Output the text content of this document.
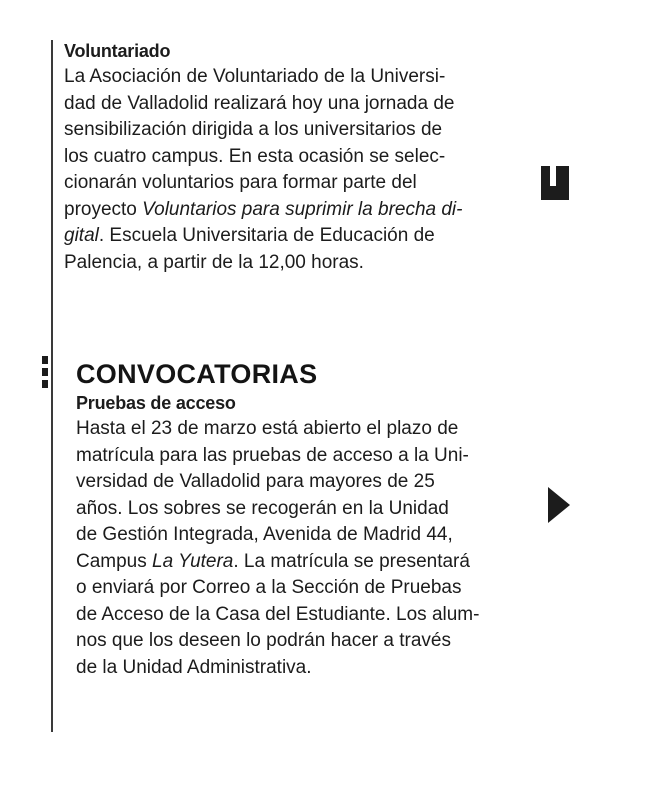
Voluntariado

La Asociación de Voluntariado de la Universi-
dad de Valladolid realizará hoy una jornada de
sensibilización dirigida a los universitarios de
los cuatro campus. En esta ocasión se selec-
cionarán voluntarios para formar parte del
proyecto Voluntarios para suprimir la brecha di-
gital. Escuela Universitaria de Educación de
Palencia, a partir de la 12,00 horas.

CONVOCATORIAS
Pruebas de acceso

Hasta el 23 de marzo está abierto el plazo de
matrícula para las pruebas de acceso a la Uni-
versidad de Valladolid para mayores de 25
años. Los sobres se recogerán en la Unidad
de Gestión Integrada, Avenida de Madrid 44,
Campus La Yutera. La matrícula se presentará
o enviará por Correo a la Sección de Pruebas
de Acceso de la Casa del Estudiante. Los alum-
nos que los deseen lo podrán hacer a través
de la Unidad Administrativa.
